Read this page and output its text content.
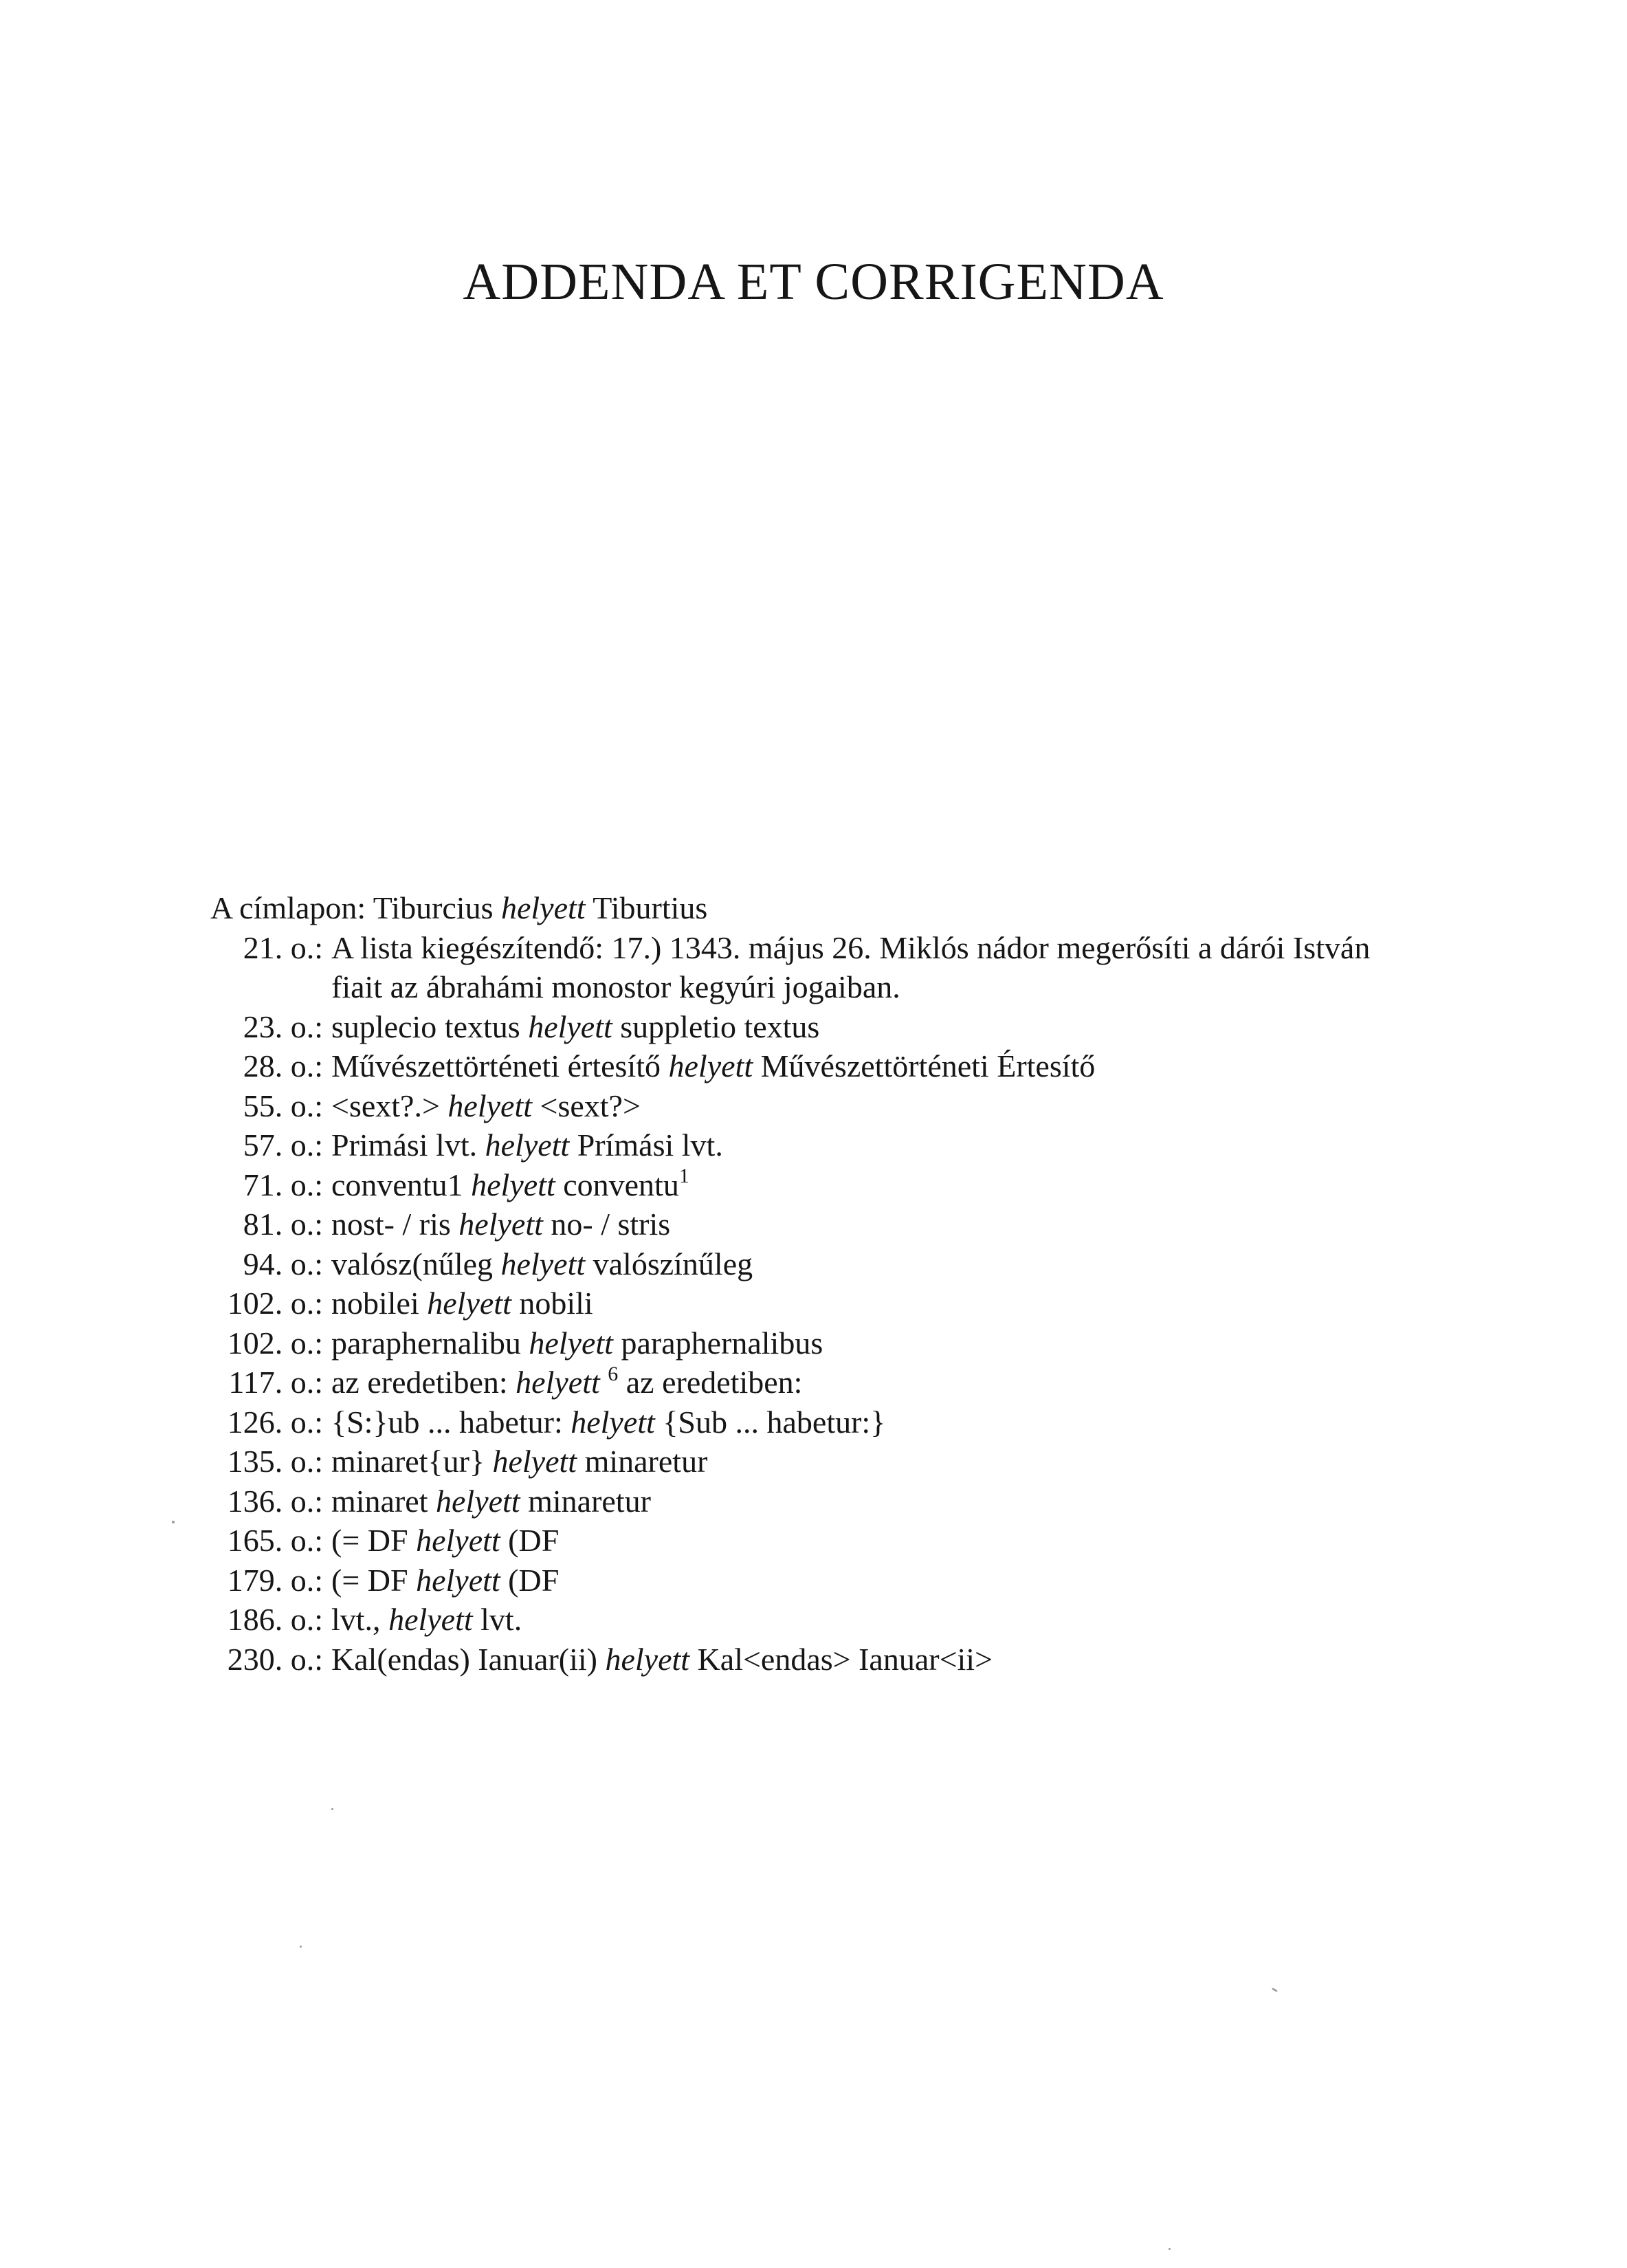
ADDENDA ET CORRIGENDA
A címlapon: Tiburcius helyett Tiburtius
21. o.: A lista kiegészítendő: 17.) 1343. május 26. Miklós nádor megerősíti a dárói István
fiait az ábrahámi monostor kegyúri jogaiban.
23. o.: suplecio textus helyett suppletio textus
28. o.: Művészettörténeti értesítő helyett Művészettörténeti Értesítő
55. o.: <sext?.> helyett <sext?>
57. o.: Primási lvt. helyett Prímási lvt.
71. o.: conventu1 helyett conventu$^1$
81. o.: nost- / ris helyett no- / stris
94. o.: valósz(nűleg helyett valószínűleg
102. o.: nobilei helyett nobili
102. o.: paraphernalibu helyett paraphernalibus
117. o.: az eredetiben: helyett $^6$ az eredetiben:
126. o.: {S:}ub ... habetur: helyett {Sub ... habetur:}
135. o.: minaret{ur} helyett minaretur
136. o.: minaret helyett minaretur
165. o.: (= DF helyett (DF
179. o.: (= DF helyett (DF
186. o.: lvt., helyett lvt.
230. o.: Kal(endas) Ianuar(ii) helyett Kal<endas> Ianuar<ii>
